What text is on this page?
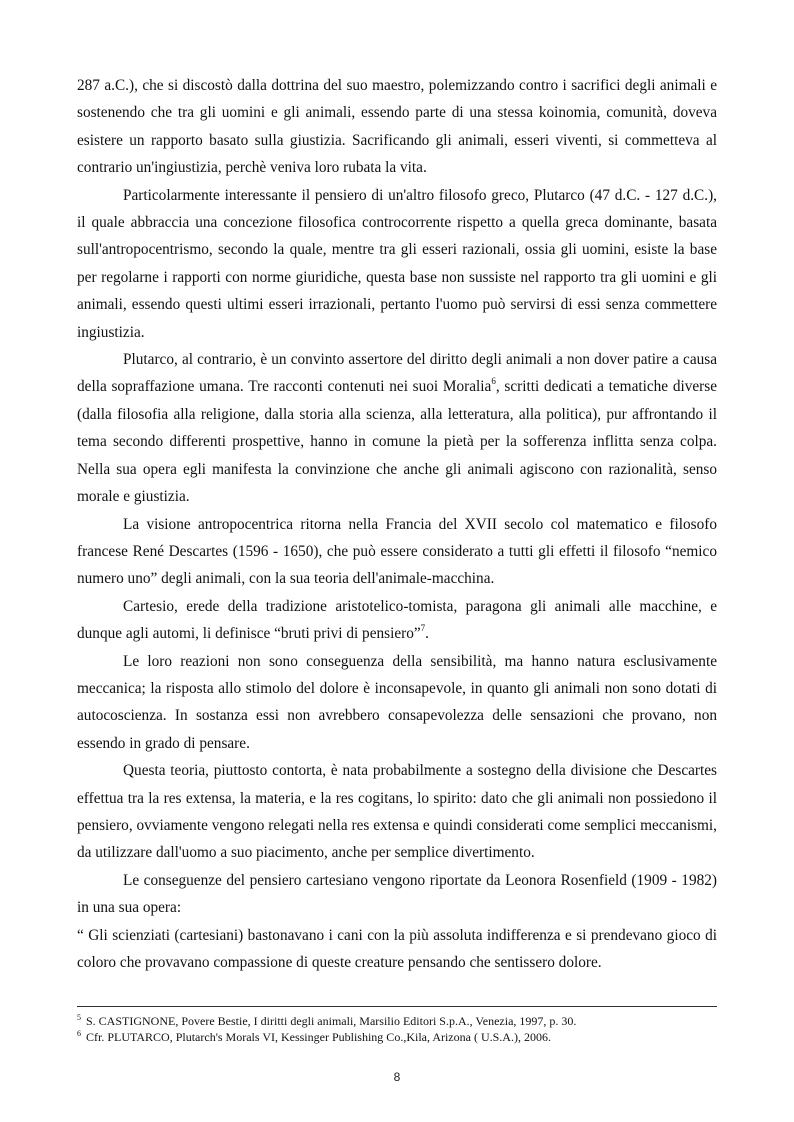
287 a.C.), che si discostò dalla dottrina del suo maestro, polemizzando contro i sacrifici degli animali e sostenendo che tra gli uomini e gli animali, essendo parte di una stessa koinomia, comunità, doveva esistere un rapporto basato sulla giustizia. Sacrificando gli animali, esseri viventi, si commetteva al contrario un'ingiustizia, perchè veniva loro rubata la vita.

Particolarmente interessante il pensiero di un'altro filosofo greco, Plutarco (47 d.C. - 127 d.C.), il quale abbraccia una concezione filosofica controcorrente rispetto a quella greca dominante, basata sull'antropocentrismo, secondo la quale, mentre tra gli esseri razionali, ossia gli uomini, esiste la base per regolarne i rapporti con norme giuridiche, questa base non sussiste nel rapporto tra gli uomini e gli animali, essendo questi ultimi esseri irrazionali, pertanto l'uomo può servirsi di essi senza commettere ingiustizia.

Plutarco, al contrario, è un convinto assertore del diritto degli animali a non dover patire a causa della sopraffazione umana. Tre racconti contenuti nei suoi Moralia$^6$, scritti dedicati a tematiche diverse (dalla filosofia alla religione, dalla storia alla scienza, alla letteratura, alla politica), pur affrontando il tema secondo differenti prospettive, hanno in comune la pietà per la sofferenza inflitta senza colpa. Nella sua opera egli manifesta la convinzione che anche gli animali agiscono con razionalità, senso morale e giustizia.

La visione antropocentrica ritorna nella Francia del XVII secolo col matematico e filosofo francese René Descartes (1596 - 1650), che può essere considerato a tutti gli effetti il filosofo “nemico numero uno” degli animali, con la sua teoria dell'animale-macchina.

Cartesio, erede della tradizione aristotelico-tomista, paragona gli animali alle macchine, e dunque agli automi, li definisce “bruti privi di pensiero”$^7$.

Le loro reazioni non sono conseguenza della sensibilità, ma hanno natura esclusivamente meccanica; la risposta allo stimolo del dolore è inconsapevole, in quanto gli animali non sono dotati di autocoscienza. In sostanza essi non avrebbero consapevolezza delle sensazioni che provano, non essendo in grado di pensare.

Questa teoria, piuttosto contorta, è nata probabilmente a sostegno della divisione che Descartes effettua tra la res extensa, la materia, e la res cogitans, lo spirito: dato che gli animali non possiedono il pensiero, ovviamente vengono relegati nella res extensa e quindi considerati come semplici meccanismi, da utilizzare dall'uomo a suo piacimento, anche per semplice divertimento.

Le conseguenze del pensiero cartesiano vengono riportate da Leonora Rosenfield (1909 - 1982) in una sua opera:

“ Gli scienziati (cartesiani) bastonavano i cani con la più assoluta indifferenza e si prendevano gioco di coloro che provavano compassione di queste creature pensando che sentissero dolore.

$^5$ S. CASTIGNONE, Povere Bestie, I diritti degli animali, Marsilio Editori S.p.A., Venezia, 1997, p. 30.
$^6$ Cfr. PLUTARCO, Plutarch's Morals VI, Kessinger Publishing Co.,Kila, Arizona ( U.S.A.), 2006.
8
